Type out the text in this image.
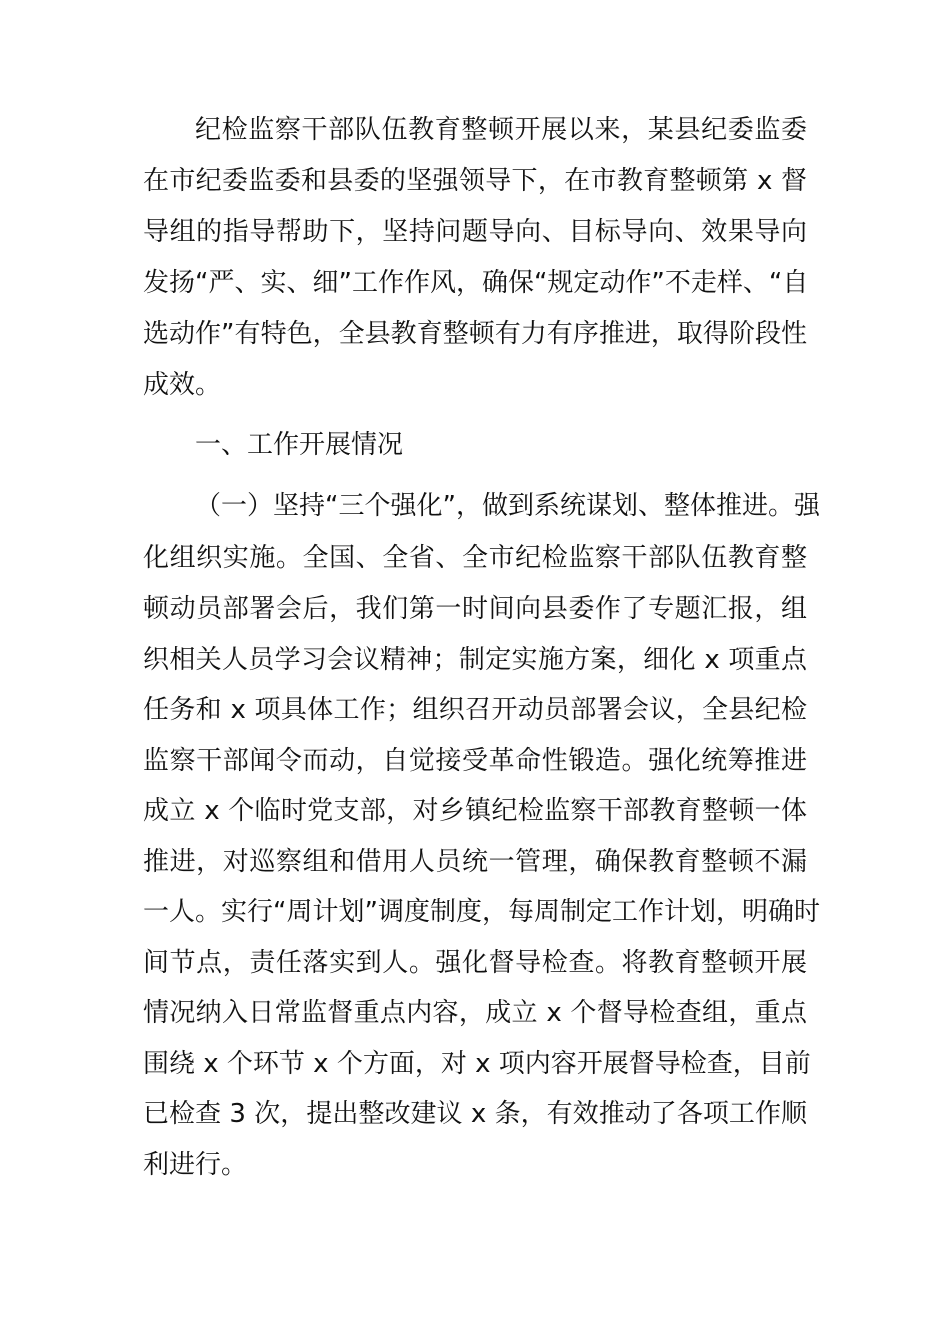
纪检监察干部队伍教育整顿开展以来，某县纪委监委
在市纪委监委和县委的坚强领导下，在市教育整顿第 x 督
导组的指导帮助下，坚持问题导向、目标导向、效果导向
发扬“严、实、细”工作作风，确保“规定动作”不走样、“自
选动作”有特色，全县教育整顿有力有序推进，取得阶段性
成效。
一、工作开展情况
（一）坚持“三个强化”，做到系统谋划、整体推进。强
化组织实施。全国、全省、全市纪检监察干部队伍教育整
顿动员部署会后，我们第一时间向县委作了专题汇报，组
织相关人员学习会议精神；制定实施方案，细化 x 项重点
任务和 x 项具体工作；组织召开动员部署会议，全县纪检
监察干部闻令而动，自觉接受革命性锻造。强化统筹推进
成立 x 个临时党支部，对乡镇纪检监察干部教育整顿一体
推进，对巡察组和借用人员统一管理，确保教育整顿不漏
一人。实行“周计划”调度制度，每周制定工作计划，明确时
间节点，责任落实到人。强化督导检查。将教育整顿开展
情况纳入日常监督重点内容，成立 x 个督导检查组，重点
围绕 x 个环节 x 个方面，对 x 项内容开展督导检查，目前
已检查 3 次，提出整改建议 x 条，有效推动了各项工作顺
利进行。
